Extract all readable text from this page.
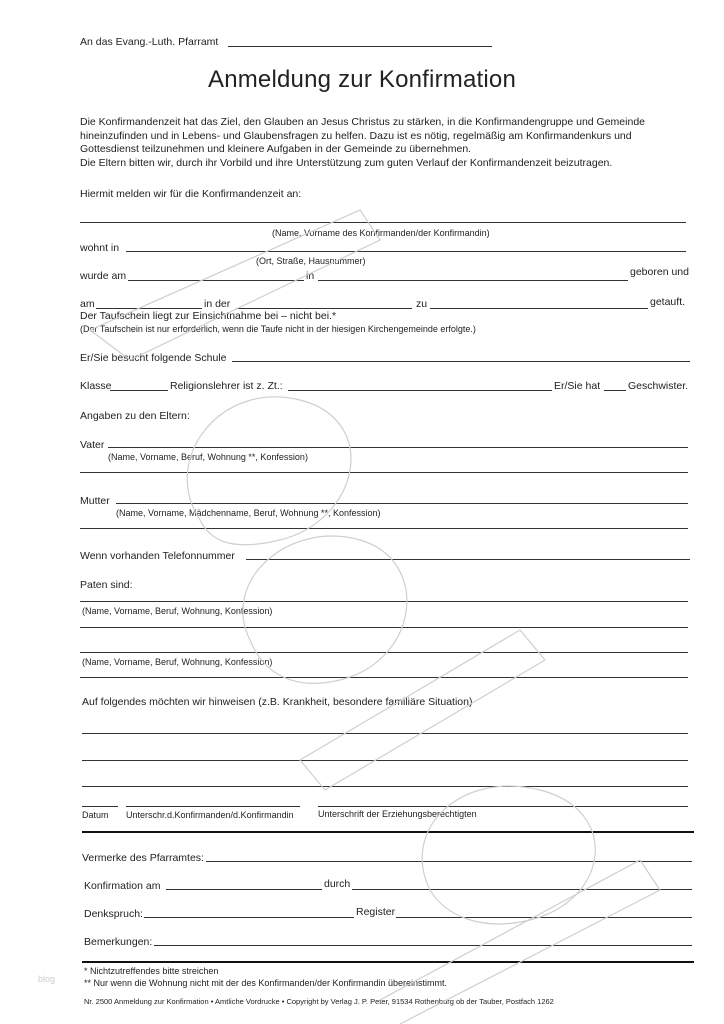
An das Evang.-Luth. Pfarramt
Anmeldung zur Konfirmation

Die Konfirmandenzeit hat das Ziel, den Glauben an Jesus Christus zu stärken, in die Konfirmandengruppe und Gemeinde hineinzufinden und in Lebens- und Glaubensfragen zu helfen. Dazu ist es nötig, regelmäßig am Konfirmandenkurs und Gottesdienst teilzunehmen und kleinere Aufgaben in der Gemeinde zu übernehmen.

Die Eltern bitten wir, durch ihr Vorbild und ihre Unterstützung zum guten Verlauf der Konfirmandenzeit beizutragen.

Hiermit melden wir für die Konfirmandenzeit an:
(Name, Vorname des Konfirmanden/der Konfirmandin)
wohnt in
(Ort, Straße, Hausnummer)
wurde am	in	geboren und
am	in der	zu	getauft.
Der Taufschein liegt zur Einsichtnahme bei – nicht bei.*
(Der Taufschein ist nur erforderlich, wenn die Taufe nicht in der hiesigen Kirchengemeinde erfolgte.)
Er/Sie besucht folgende Schule
Klasse	Religionslehrer ist z. Zt.:	Er/Sie hat	Geschwister.
Angaben zu den Eltern:
Vater
(Name, Vorname, Beruf, Wohnung **, Konfession)
Mutter
(Name, Vorname, Mädchenname, Beruf, Wohnung **, Konfession)
Wenn vorhanden Telefonnummer
Paten sind:
(Name, Vorname, Beruf, Wohnung, Konfession)
(Name, Vorname, Beruf, Wohnung, Konfession)
Auf folgendes möchten wir hinweisen (z.B. Krankheit, besondere familiäre Situation)
Datum Unterschr.d.Konfirmanden/d.Konfirmandin	Unterschrift der Erziehungsberechtigten
Vermerke des Pfarramtes:
Konfirmation am	durch
Denkspruch:	Register
Bemerkungen:
* Nichtzutreffendes bitte streichen
** Nur wenn die Wohnung nicht mit der des Konfirmanden/der Konfirmandin übereinstimmt.
Nr. 2500 Anmeldung zur Konfirmation • Amtliche Vordrucke • Copyright by Verlag J. P. Peter, 91534 Rothenburg ob der Tauber, Postfach 1262
blog
